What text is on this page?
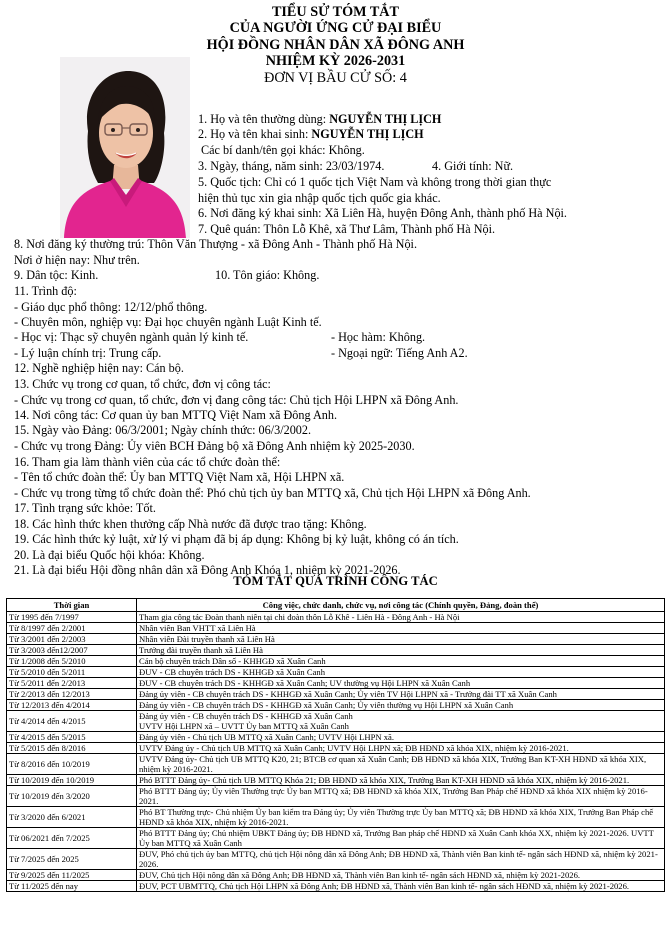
TIỂU SỬ TÓM TẮT
CỦA NGƯỜI ỨNG CỬ ĐẠI BIỂU
HỘI ĐỒNG NHÂN DÂN XÃ ĐÔNG ANH
NHIỆM KỲ 2026-2031
ĐƠN VỊ BẦU CỬ SỐ: 4
1. Họ và tên thường dùng: NGUYỄN THỊ LỊCH
2. Họ và tên khai sinh: NGUYỄN THỊ LỊCH
Các bí danh/tên gọi khác: Không.
3. Ngày, tháng, năm sinh: 23/03/1974.	4. Giới tính: Nữ.
5. Quốc tịch: Chỉ có 1 quốc tịch Việt Nam và không trong thời gian thực
hiện thủ tục xin gia nhập quốc tịch quốc gia khác.
6. Nơi đăng ký khai sinh: Xã Liên Hà, huyện Đông Anh, thành phố Hà Nội.
7. Quê quán: Thôn Lỗ Khê, xã Thư Lâm, Thành phố Hà Nội.
8. Nơi đăng ký thường trú: Thôn Văn Thượng - xã Đông Anh - Thành phố Hà Nội.
Nơi ở hiện nay: Như trên.
9. Dân tộc: Kinh.	10. Tôn giáo: Không.
11. Trình độ:
- Giáo dục phổ thông: 12/12/phổ thông.
- Chuyên môn, nghiệp vụ: Đại học chuyên ngành Luật Kinh tế.
- Học vị: Thạc sỹ chuyên ngành quản lý kinh tế.	- Học hàm: Không.
- Lý luận chính trị: Trung cấp.	- Ngoại ngữ: Tiếng Anh A2.
12. Nghề nghiệp hiện nay: Cán bộ.
13. Chức vụ trong cơ quan, tổ chức, đơn vị công tác:
- Chức vụ trong cơ quan, tổ chức, đơn vị đang công tác: Chủ tịch Hội LHPN xã Đông Anh.
14. Nơi công tác: Cơ quan ủy ban MTTQ Việt Nam xã Đông Anh.
15. Ngày vào Đảng: 06/3/2001; Ngày chính thức: 06/3/2002.
- Chức vụ trong Đảng: Ủy viên BCH Đảng bộ xã Đông Anh nhiệm kỳ 2025-2030.
16. Tham gia làm thành viên của các tổ chức đoàn thể:
- Tên tổ chức đoàn thể: Ủy ban MTTQ Việt Nam xã, Hội LHPN xã.
- Chức vụ trong từng tổ chức đoàn thể: Phó chủ tịch ủy ban MTTQ xã, Chủ tịch Hội LHPN xã Đông Anh.
17. Tình trạng sức khỏe: Tốt.
18. Các hình thức khen thưởng cấp Nhà nước đã được trao tặng: Không.
19. Các hình thức kỷ luật, xử lý vi phạm đã bị áp dụng: Không bị kỷ luật, không có án tích.
20. Là đại biểu Quốc hội khóa: Không.
21. Là đại biểu Hội đồng nhân dân xã Đông Anh Khóa 1, nhiệm kỳ 2021-2026.
TÓM TẮT QUÁ TRÌNH CÔNG TÁC
Thời gian	Công việc, chức danh, chức vụ, nơi công tác (Chính quyền, Đảng, đoàn thể)
Từ 1995 đến 7/1997	Tham gia công tác Đoàn thanh niên tại chi đoàn thôn Lỗ Khê - Liên Hà - Đông Anh - Hà Nội
Từ 8/1997 đến 2/2001	Nhân viên Ban VHTT xã Liên Hà
Từ 3/2001 đến 2/2003	Nhân viên Đài truyền thanh xã Liên Hà
Từ 3/2003 đến12/2007	Trưởng đài truyền thanh xã Liên Hà
Từ 1/2008 đến 5/2010	Cán bộ chuyên trách Dân số - KHHGĐ xã Xuân Canh
Từ 5/2010 đến 5/2011	ĐUV - CB chuyên trách DS - KHHGĐ xã Xuân Canh
Từ 5/2011 đến 2/2013	ĐUV - CB chuyên trách DS - KHHGĐ xã Xuân Canh; UV thường vụ Hội LHPN xã Xuân Canh
Từ 2/2013 đến 12/2013	Đảng ủy viên - CB chuyên trách DS - KHHGĐ xã Xuân Canh; Ủy viên TV Hội LHPN xã - Trưởng đài TT xã Xuân Canh
Từ 12/2013 đến 4/2014	Đảng ủy viên - CB chuyên trách DS - KHHGĐ xã Xuân Canh; Ủy viên thường vụ Hội LHPN xã Xuân Canh
Từ 4/2014 đến 4/2015	Đảng ủy viên - CB chuyên trách DS - KHHGĐ xã Xuân Canh
UVTV Hội LHPN xã – UVTT Ủy ban MTTQ xã Xuân Canh
Từ 4/2015 đến 5/2015	Đảng ủy viên - Chủ tịch UB MTTQ xã Xuân Canh; UVTV Hội LHPN xã.
Từ 5/2015 đến 8/2016	UVTV Đảng ủy - Chủ tịch UB MTTQ xã Xuân Canh; UVTV Hội LHPN xã; ĐB HĐND xã khóa XIX, nhiệm kỳ 2016-2021.
Từ 8/2016 đến 10/2019	UVTV Đảng ủy- Chủ tịch UB MTTQ K20, 21; BTCB cơ quan xã Xuân Canh; ĐB HĐND xã khóa XIX, Trưởng Ban KT-XH HĐND xã khóa XIX, nhiệm kỳ 2016-2021.
Từ 10/2019 đến 10/2019	Phó BTTT Đảng ủy- Chủ tịch UB MTTQ Khóa 21; ĐB HĐND xã khóa XIX, Trưởng Ban KT-XH HĐND xã khóa XIX, nhiệm kỳ 2016-2021.
Từ 10/2019 đến 3/2020	Phó BTTT Đảng ủy; Ủy viên Thường trực Ủy ban MTTQ xã; ĐB HĐND xã khóa XIX, Trưởng Ban Pháp chế HĐND xã khóa XIX nhiệm kỳ 2016-2021.
Từ 3/2020 đến 6/2021	Phó BT Thường trực- Chủ nhiệm Ủy ban kiểm tra Đảng ủy; Ủy viên Thường trực Ủy ban MTTQ xã; ĐB HĐND xã khóa XIX, Trưởng Ban Pháp chế HĐND xã khóa XIX, nhiệm kỳ 2016-2021.
Từ 06/2021 đến 7/2025	Phó BTTT Đảng ủy; Chủ nhiệm UBKT Đảng ủy; ĐB HĐND xã, Trưởng Ban pháp chế HĐND xã Xuân Canh khóa XX, nhiệm kỳ 2021-2026. UVTT Ủy ban MTTQ xã Xuân Canh
Từ 7/2025 đến 2025	ĐUV, Phó chủ tịch ủy ban MTTQ, chủ tịch Hội nông dân xã Đông Anh; ĐB HĐND xã, Thành viên Ban kinh tế- ngân sách HĐND xã, nhiệm kỳ 2021-2026.
Từ 9/2025 đến 11/2025	ĐUV, Chủ tịch Hội nông dân xã Đông Anh; ĐB HĐND xã, Thành viên Ban kinh tế- ngân sách HĐND xã, nhiệm kỳ 2021-2026.
Từ 11/2025 đến nay	ĐUV, PCT UBMTTQ, Chủ tịch Hội LHPN xã Đông Anh; ĐB HĐND xã, Thành viên Ban kinh tế- ngân sách HĐND xã, nhiệm kỳ 2021-2026.
